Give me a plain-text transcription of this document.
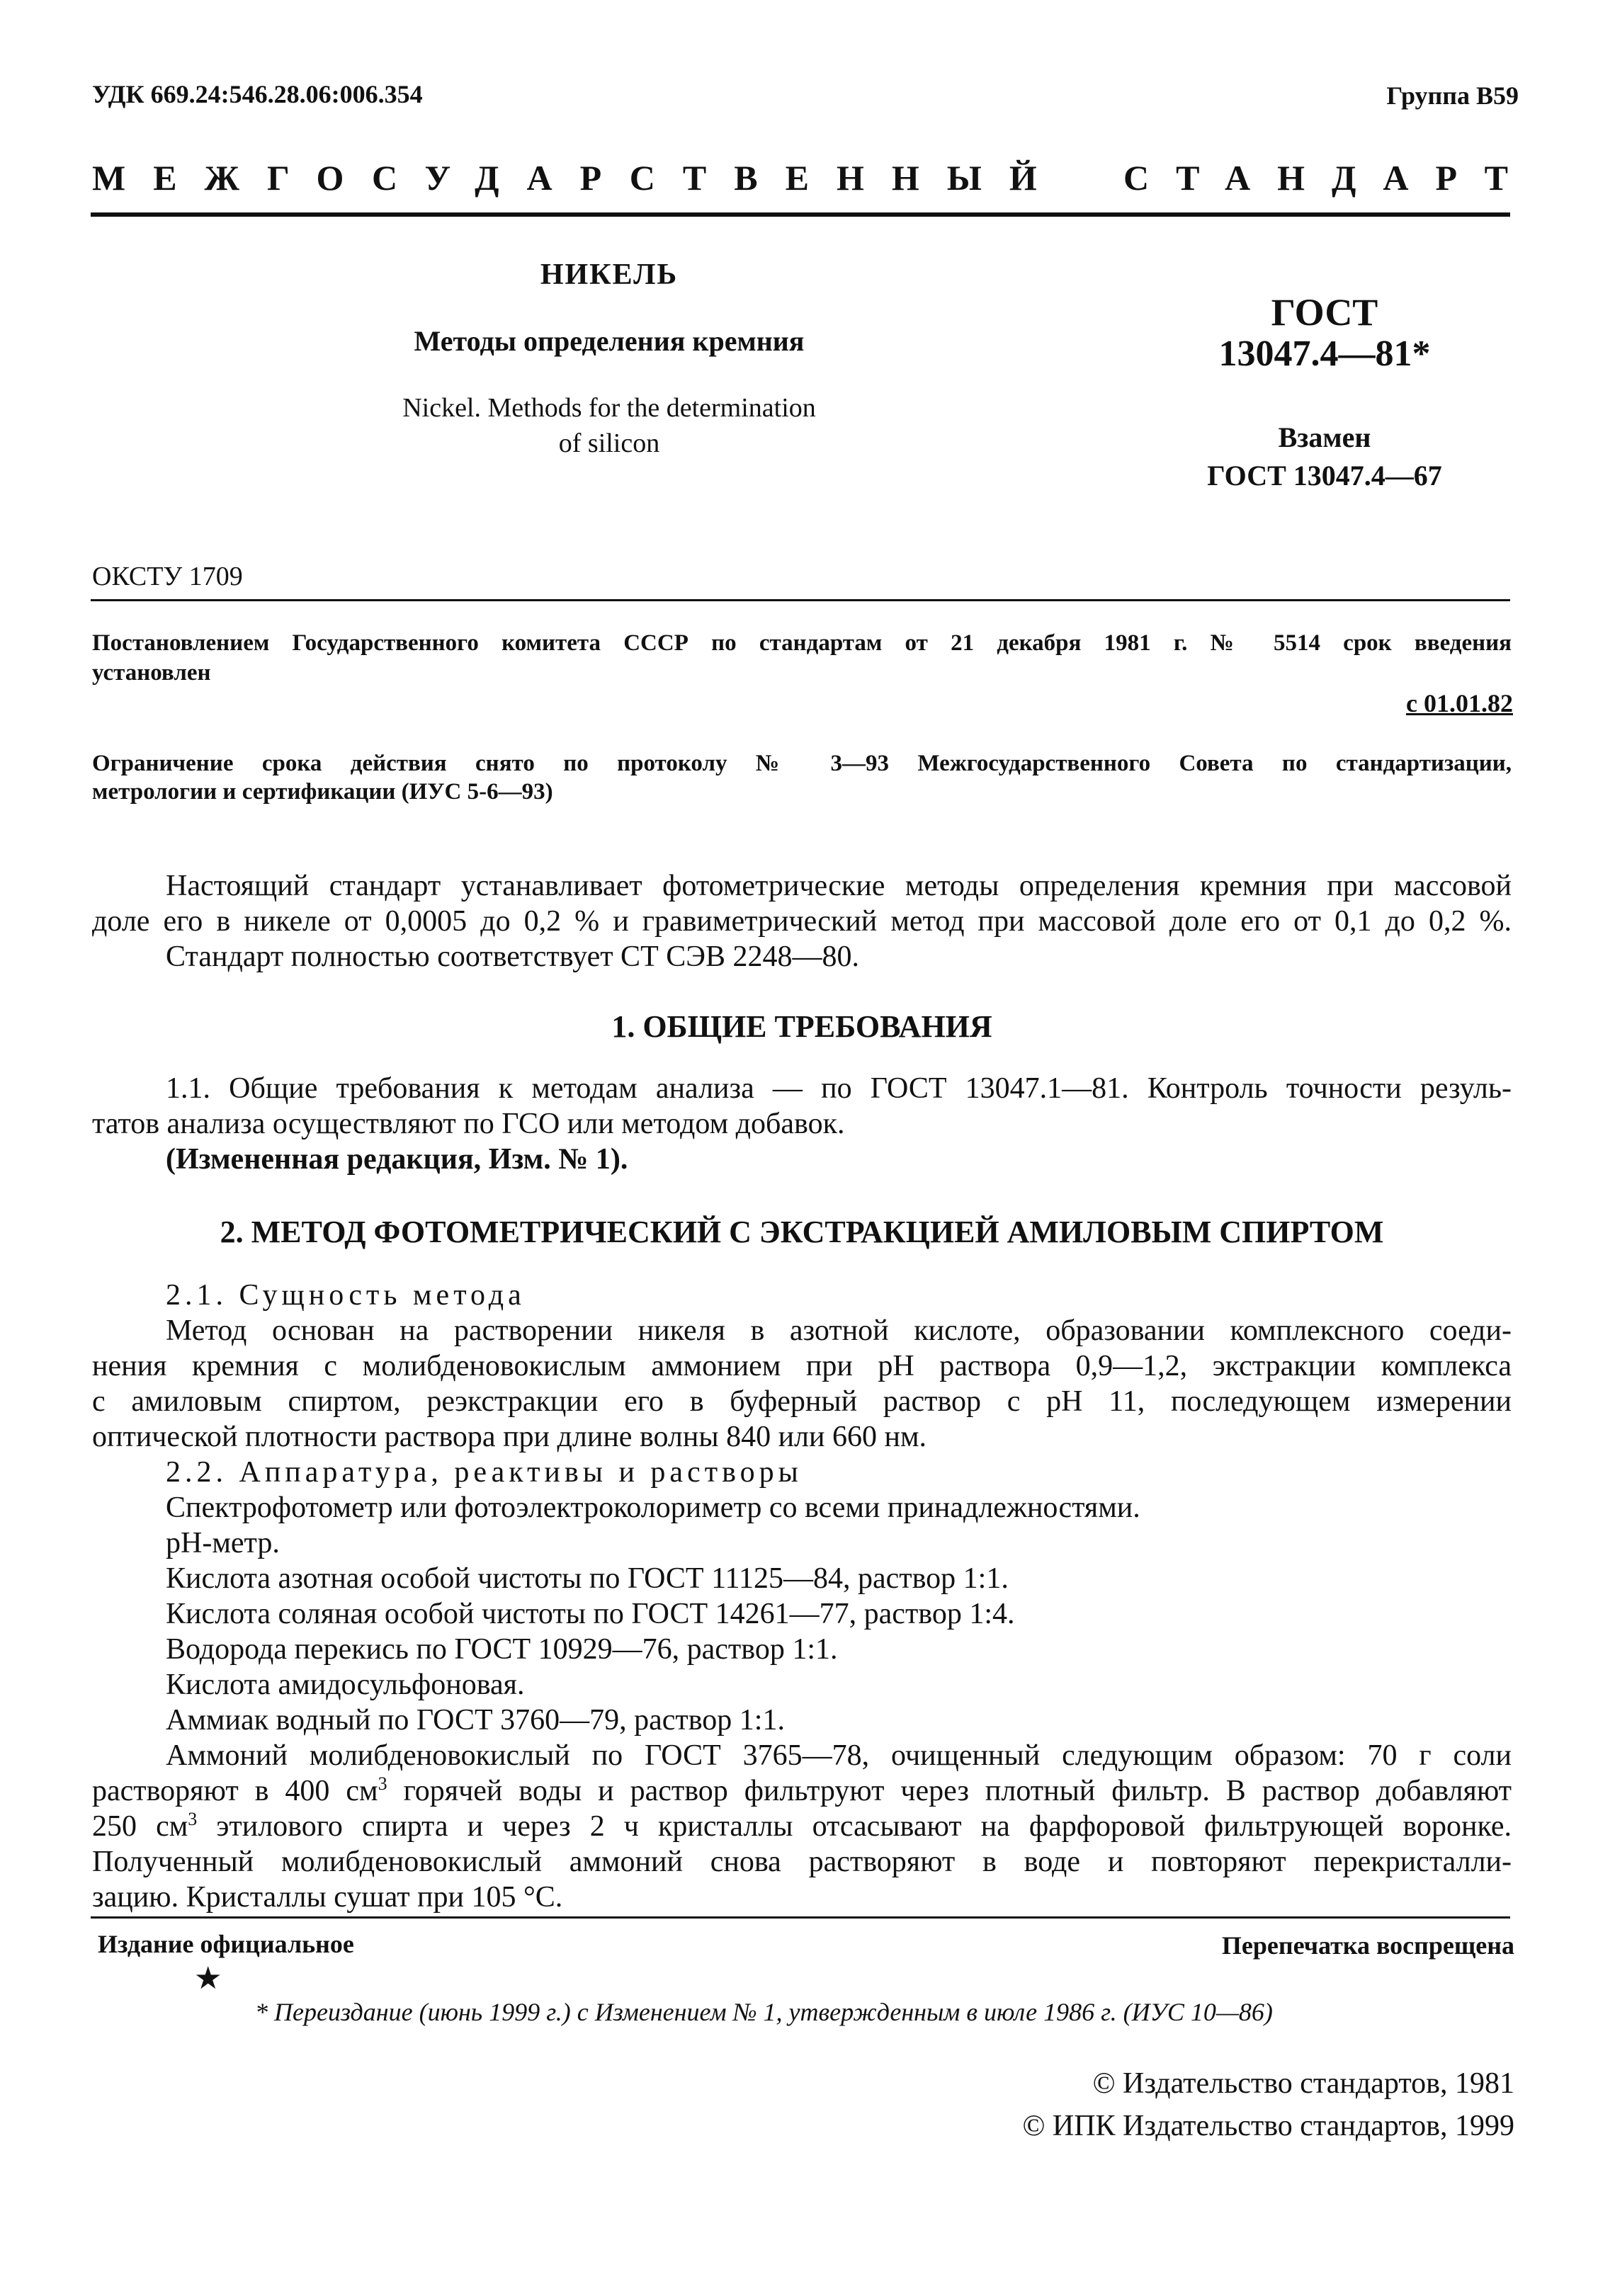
УДК 669.24:546.28.06:006.354	Группа B59
МЕЖГОСУДАРСТВЕННЫЙ СТАНДАРТ
НИКЕЛЬ
Методы определения кремния
Nickel. Methods for the determination
of silicon
ГОСТ
13047.4—81*
Взамен
ГОСТ 13047.4—67
ОКСТУ 1709
Постановлением Государственного комитета СССР по стандартам от 21 декабря 1981 г. № 5514 срок введения
установлен
с 01.01.82
Ограничение срока действия снято по протоколу № 3—93 Межгосударственного Совета по стандартизации,
метрологии и сертификации (ИУС 5-6—93)
Настоящий стандарт устанавливает фотометрические методы определения кремния при массовой
доле его в никеле от 0,0005 до 0,2 % и гравиметрический метод при массовой доле его от 0,1 до 0,2 %.
Стандарт полностью соответствует СТ СЭВ 2248—80.
1. ОБЩИЕ ТРЕБОВАНИЯ
1.1. Общие требования к методам анализа — по ГОСТ 13047.1—81. Контроль точности резуль-
татов анализа осуществляют по ГСО или методом добавок.
(Измененная редакция, Изм. № 1).
2. МЕТОД ФОТОМЕТРИЧЕСКИЙ С ЭКСТРАКЦИЕЙ АМИЛОВЫМ СПИРТОМ
2.1. Сущность метода
Метод основан на растворении никеля в азотной кислоте, образовании комплексного соеди-
нения кремния с молибденовокислым аммонием при pH раствора 0,9—1,2, экстракции комплекса
с амиловым спиртом, реэкстракции его в буферный раствор с pH 11, последующем измерении
оптической плотности раствора при длине волны 840 или 660 нм.
2.2. Аппаратура, реактивы и растворы
Спектрофотометр или фотоэлектроколориметр со всеми принадлежностями.
pH-метр.
Кислота азотная особой чистоты по ГОСТ 11125—84, раствор 1:1.
Кислота соляная особой чистоты по ГОСТ 14261—77, раствор 1:4.
Водорода перекись по ГОСТ 10929—76, раствор 1:1.
Кислота амидосульфоновая.
Аммиак водный по ГОСТ 3760—79, раствор 1:1.
Аммоний молибденовокислый по ГОСТ 3765—78, очищенный следующим образом: 70 г соли
растворяют в 400 $см^3$ горячей воды и раствор фильтруют через плотный фильтр. В раствор добавляют
250 $см^3$ этилового спирта и через 2 ч кристаллы отсасывают на фарфоровой фильтрующей воронке.
Полученный молибденовокислый аммоний снова растворяют в воде и повторяют перекристалли-
зацию. Кристаллы сушат при 105 °С.
Издание официальное	Перепечатка воспрещена
★
* Переиздание (июнь 1999 г.) с Изменением № 1, утвержденным в июле 1986 г. (ИУС 10—86)
© Издательство стандартов, 1981
© ИПК Издательство стандартов, 1999
